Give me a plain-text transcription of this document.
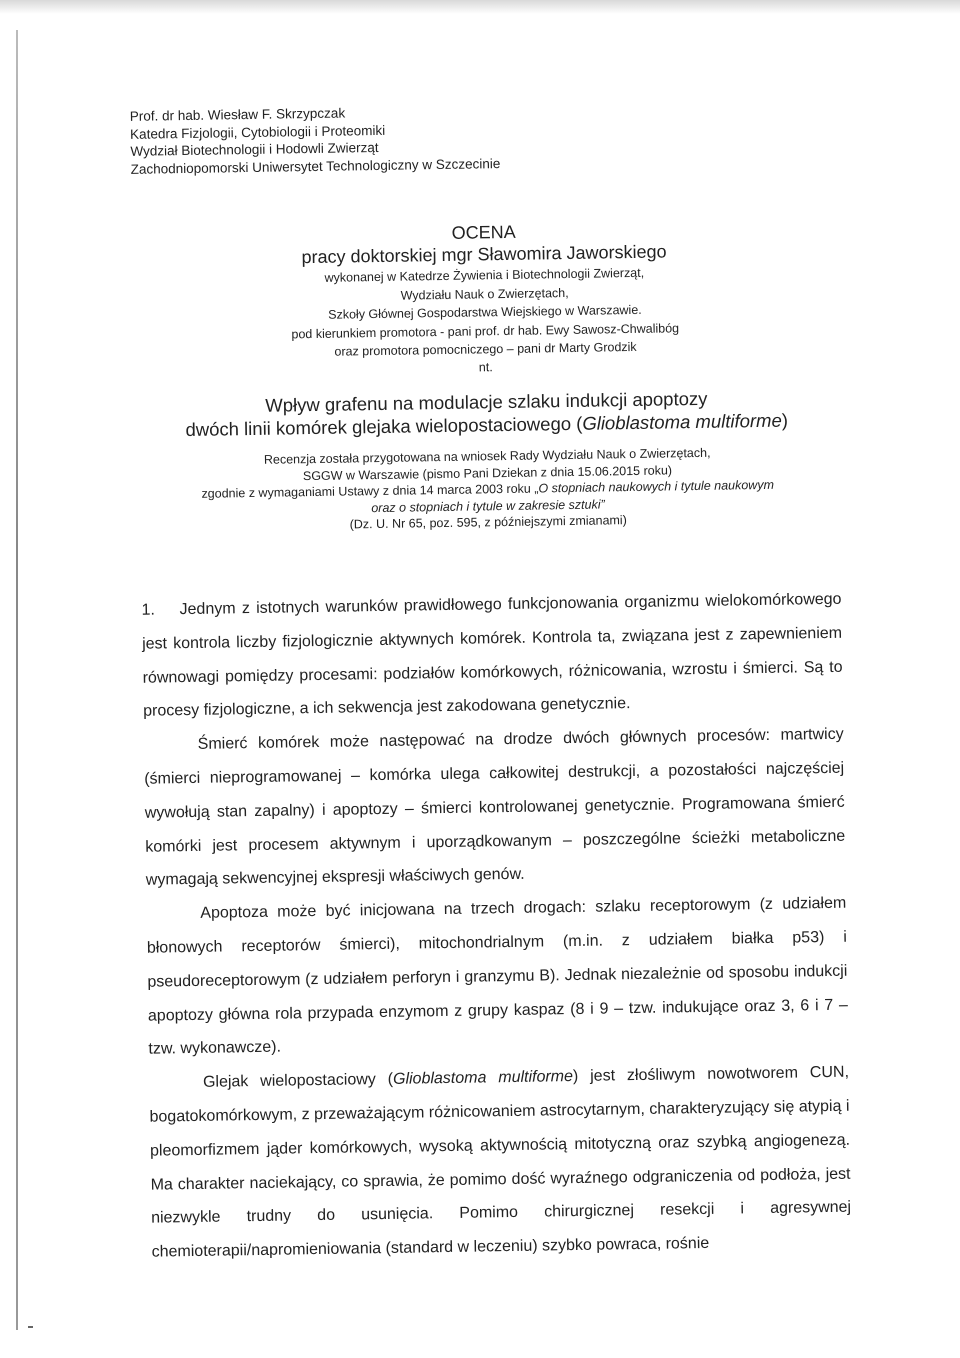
Prof. dr hab. Wiesław F. Skrzypczak
Katedra Fizjologii, Cytobiologii i Proteomiki
Wydział Biotechnologii i Hodowli Zwierząt
Zachodniopomorski Uniwersytet Technologiczny w Szczecinie
OCENA
pracy doktorskiej mgr Sławomira Jaworskiego
wykonanej w Katedrze Żywienia i Biotechnologii Zwierząt,
Wydziału Nauk o Zwierzętach,
Szkoły Głównej Gospodarstwa Wiejskiego w Warszawie.
pod kierunkiem promotora - pani prof. dr hab. Ewy Sawosz-Chwalibóg
oraz promotora pomocniczego – pani dr Marty Grodzik
nt.
Wpływ grafenu na modulacje szlaku indukcji apoptozy
dwóch linii komórek glejaka wielopostaciowego (Glioblastoma multiforme)
Recenzja została przygotowana na wniosek Rady Wydziału Nauk o Zwierzętach,
SGGW w Warszawie (pismo Pani Dziekan z dnia 15.06.2015 roku)
zgodnie z wymaganiami Ustawy z dnia 14 marca 2003 roku „O stopniach naukowych i tytule naukowym
oraz o stopniach i tytule w zakresie sztuki”
(Dz. U. Nr 65, poz. 595, z późniejszymi zmianami)

1. Jednym z istotnych warunków prawidłowego funkcjonowania organizmu wielokomórkowego jest kontrola liczby fizjologicznie aktywnych komórek. Kontrola ta, związana jest z zapewnieniem równowagi pomiędzy procesami: podziałów komórkowych, różnicowania, wzrostu i śmierci. Są to procesy fizjologiczne, a ich sekwencja jest zakodowana genetycznie.

Śmierć komórek może następować na drodze dwóch głównych procesów: martwicy (śmierci nieprogramowanej – komórka ulega całkowitej destrukcji, a pozostałości najczęściej wywołują stan zapalny) i apoptozy – śmierci kontrolowanej genetycznie. Programowana śmierć komórki jest procesem aktywnym i uporządkowanym – poszczególne ścieżki metaboliczne wymagają sekwencyjnej ekspresji właściwych genów.

Apoptoza może być inicjowana na trzech drogach: szlaku receptorowym (z udziałem błonowych receptorów śmierci), mitochondrialnym (m.in. z udziałem białka p53) i pseudoreceptorowym (z udziałem perforyn i granzymu B). Jednak niezależnie od sposobu indukcji apoptozy główna rola przypada enzymom z grupy kaspaz (8 i 9 – tzw. indukujące oraz 3, 6 i 7 – tzw. wykonawcze).

Glejak wielopostaciowy (Glioblastoma multiforme) jest złośliwym nowotworem CUN, bogatokomórkowym, z przeważającym różnicowaniem astrocytarnym, charakteryzujący się atypią i pleomorfizmem jąder komórkowych, wysoką aktywnością mitotyczną oraz szybką angiogenezą. Ma charakter naciekający, co sprawia, że pomimo dość wyraźnego odgraniczenia od podłoża, jest niezwykle trudny do usunięcia. Pomimo chirurgicznej resekcji i agresywnej chemioterapii/napromieniowania (standard w leczeniu) szybko powraca, rośnie
